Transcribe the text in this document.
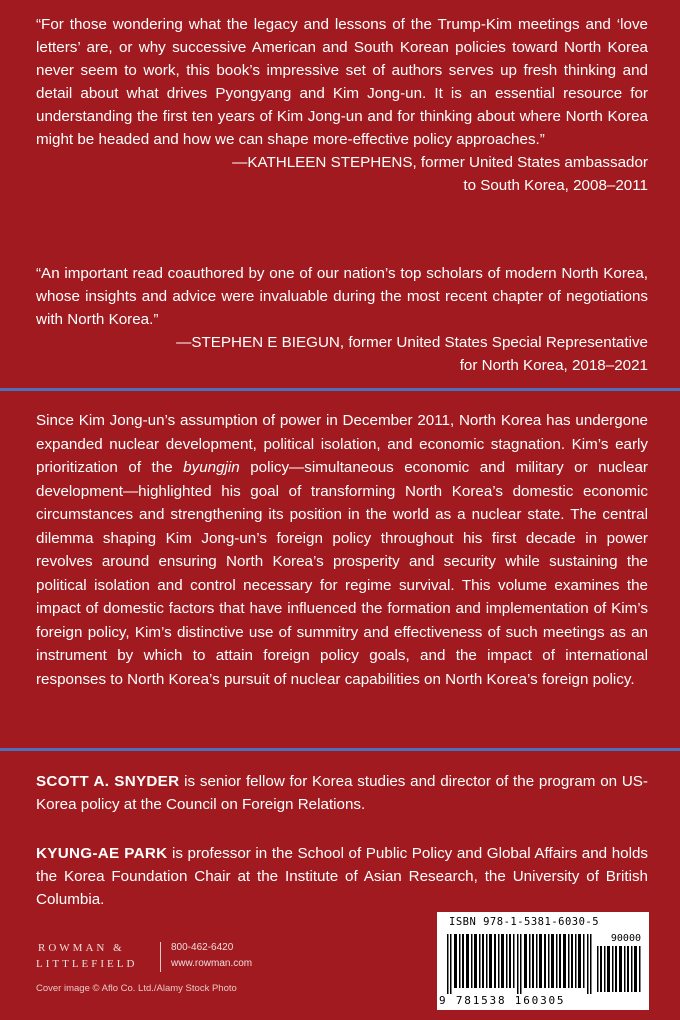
“For those wondering what the legacy and lessons of the Trump-Kim meetings and ‘love letters’ are, or why successive American and South Korean policies toward North Korea never seem to work, this book’s impressive set of authors serves up fresh thinking and detail about what drives Pyongyang and Kim Jong-un. It is an essential resource for understanding the first ten years of Kim Jong-un and for thinking about where North Korea might be headed and how we can shape more-effective policy approaches.”
—KATHLEEN STEPHENS, former United States ambassador
to South Korea, 2008–2011
“An important read coauthored by one of our nation’s top scholars of modern North Korea, whose insights and advice were invaluable during the most recent chapter of negotiations with North Korea.”
—STEPHEN E BIEGUN, former United States Special Representative
for North Korea, 2018–2021
Since Kim Jong-un’s assumption of power in December 2011, North Korea has undergone expanded nuclear development, political isolation, and economic stagnation. Kim’s early prioritization of the byungjin policy—simultaneous economic and military or nuclear development—highlighted his goal of transforming North Korea’s domestic economic circumstances and strengthening its position in the world as a nuclear state. The central dilemma shaping Kim Jong-un’s foreign policy throughout his first decade in power revolves around ensuring North Korea’s prosperity and security while sustaining the political isolation and control necessary for regime survival. This volume examines the impact of domestic factors that have influenced the formation and implementation of Kim’s foreign policy, Kim’s distinctive use of summitry and effectiveness of such meetings as an instrument by which to attain foreign policy goals, and the impact of international responses to North Korea’s pursuit of nuclear capabilities on North Korea’s foreign policy.
SCOTT A. SNYDER is senior fellow for Korea studies and director of the program on US-Korea policy at the Council on Foreign Relations.
KYUNG-AE PARK is professor in the School of Public Policy and Global Affairs and holds the Korea Foundation Chair at the Institute of Asian Research, the University of British Columbia.
ROWMAN &
LITTLEFIELD
800-462-6420
www.rowman.com
Cover image © Aflo Co. Ltd./Alamy Stock Photo
ISBN 978-1-5381-6030-5
90000
9 781538 160305
